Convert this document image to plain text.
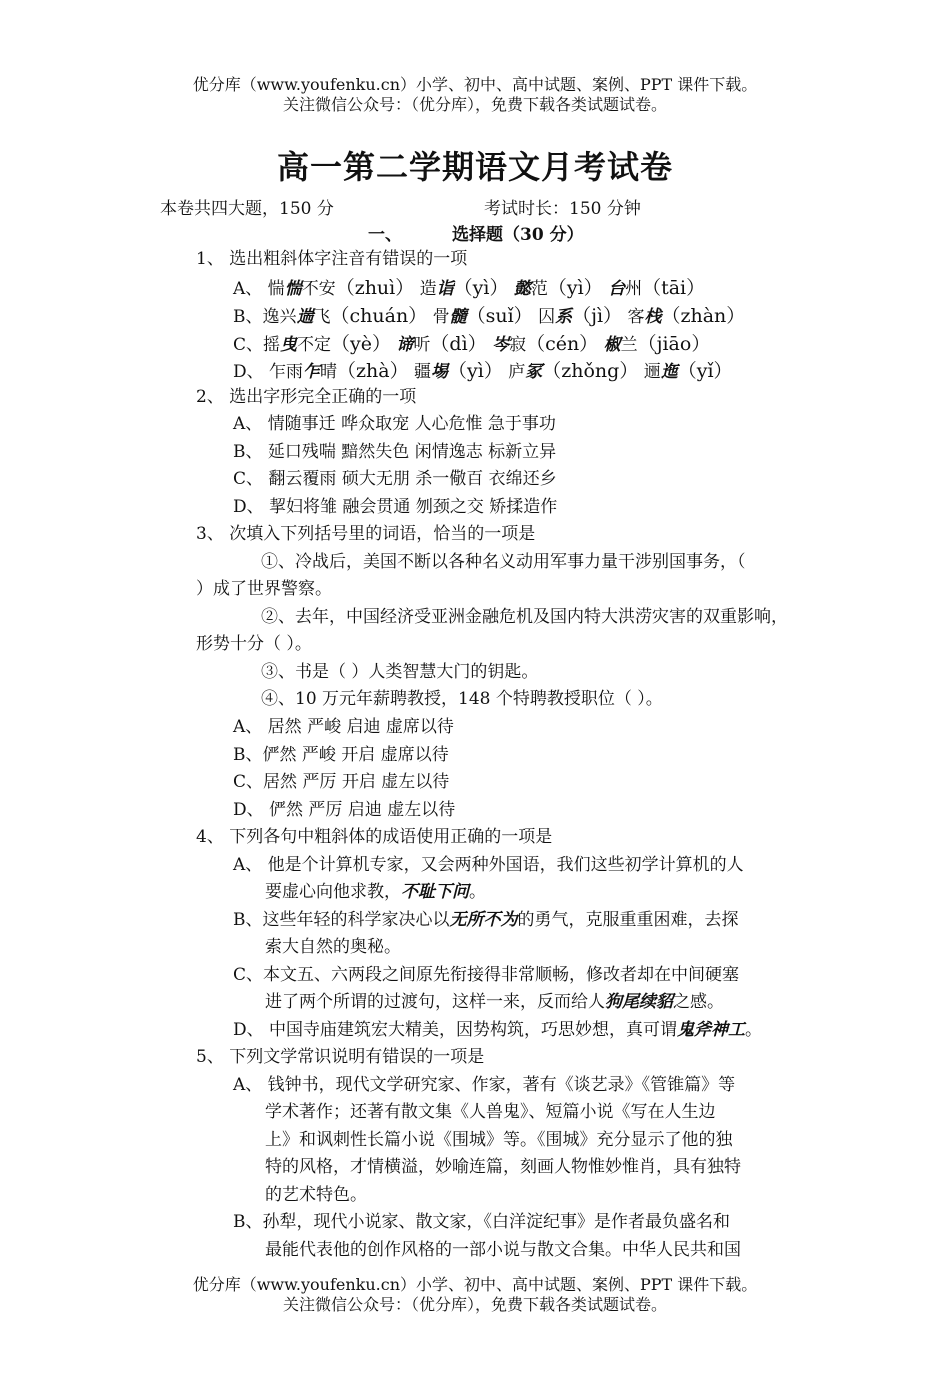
优分库（www.youfenku.cn）小学、初中、高中试题、案例、PPT 课件下载。
关注微信公众号：（优分库），免费下载各类试题试卷。
高一第二学期语文月考试卷
本卷共四大题，150 分	考试时长：150 分钟
一、	选择题（30 分）
1、 选出粗斜体字注音有错误的一项
A、 惴惴不安（zhuì） 造诣（yì） 懿范（yì） 台州（tāi）
B、逸兴遄飞（chuán） 骨髓（suǐ） 囚系（jì） 客栈（zhàn）
C、摇曳不定（yè） 谛听（dì） 岑寂（cén） 椒兰（jiāo）
D、 乍雨乍晴（zhà） 疆埸（yì） 庐冢（zhǒng） 逦迤（yǐ）
2、 选出字形完全正确的一项
A、 情随事迁 哗众取宠 人心危惟 急于事功
B、 延口残喘 黯然失色 闲情逸志 标新立异
C、 翻云覆雨 硕大无朋 杀一儆百 衣绵还乡
D、 挈妇将雏 融会贯通 刎颈之交 矫揉造作
3、 次填入下列括号里的词语，恰当的一项是
①、冷战后，美国不断以各种名义动用军事力量干涉别国事务，（
）成了世界警察。
②、去年，中国经济受亚洲金融危机及国内特大洪涝灾害的双重影响，
形势十分（ ）。
③、书是（ ）人类智慧大门的钥匙。
④、10 万元年薪聘教授，148 个特聘教授职位（ ）。
A、 居然 严峻 启迪 虚席以待
B、俨然 严峻 开启 虚席以待
C、居然 严厉 开启 虚左以待
D、 俨然 严厉 启迪 虚左以待
4、 下列各句中粗斜体的成语使用正确的一项是
A、 他是个计算机专家，又会两种外国语，我们这些初学计算机的人
要虚心向他求教，不耻下问。
B、这些年轻的科学家决心以无所不为的勇气，克服重重困难，去探
索大自然的奥秘。
C、本文五、六两段之间原先衔接得非常顺畅，修改者却在中间硬塞
进了两个所谓的过渡句，这样一来，反而给人狗尾续貂之感。
D、 中国寺庙建筑宏大精美，因势构筑，巧思妙想，真可谓鬼斧神工。
5、 下列文学常识说明有错误的一项是
A、 钱钟书，现代文学研究家、作家，著有《谈艺录》《管锥篇》等
学术著作；还著有散文集《人兽鬼》、短篇小说《写在人生边
上》和讽刺性长篇小说《围城》等。《围城》充分显示了他的独
特的风格，才情横溢，妙喻连篇，刻画人物惟妙惟肖，具有独特
的艺术特色。
B、孙犁，现代小说家、散文家，《白洋淀纪事》是作者最负盛名和
最能代表他的创作风格的一部小说与散文合集。中华人民共和国
优分库（www.youfenku.cn）小学、初中、高中试题、案例、PPT 课件下载。
关注微信公众号：（优分库），免费下载各类试题试卷。
